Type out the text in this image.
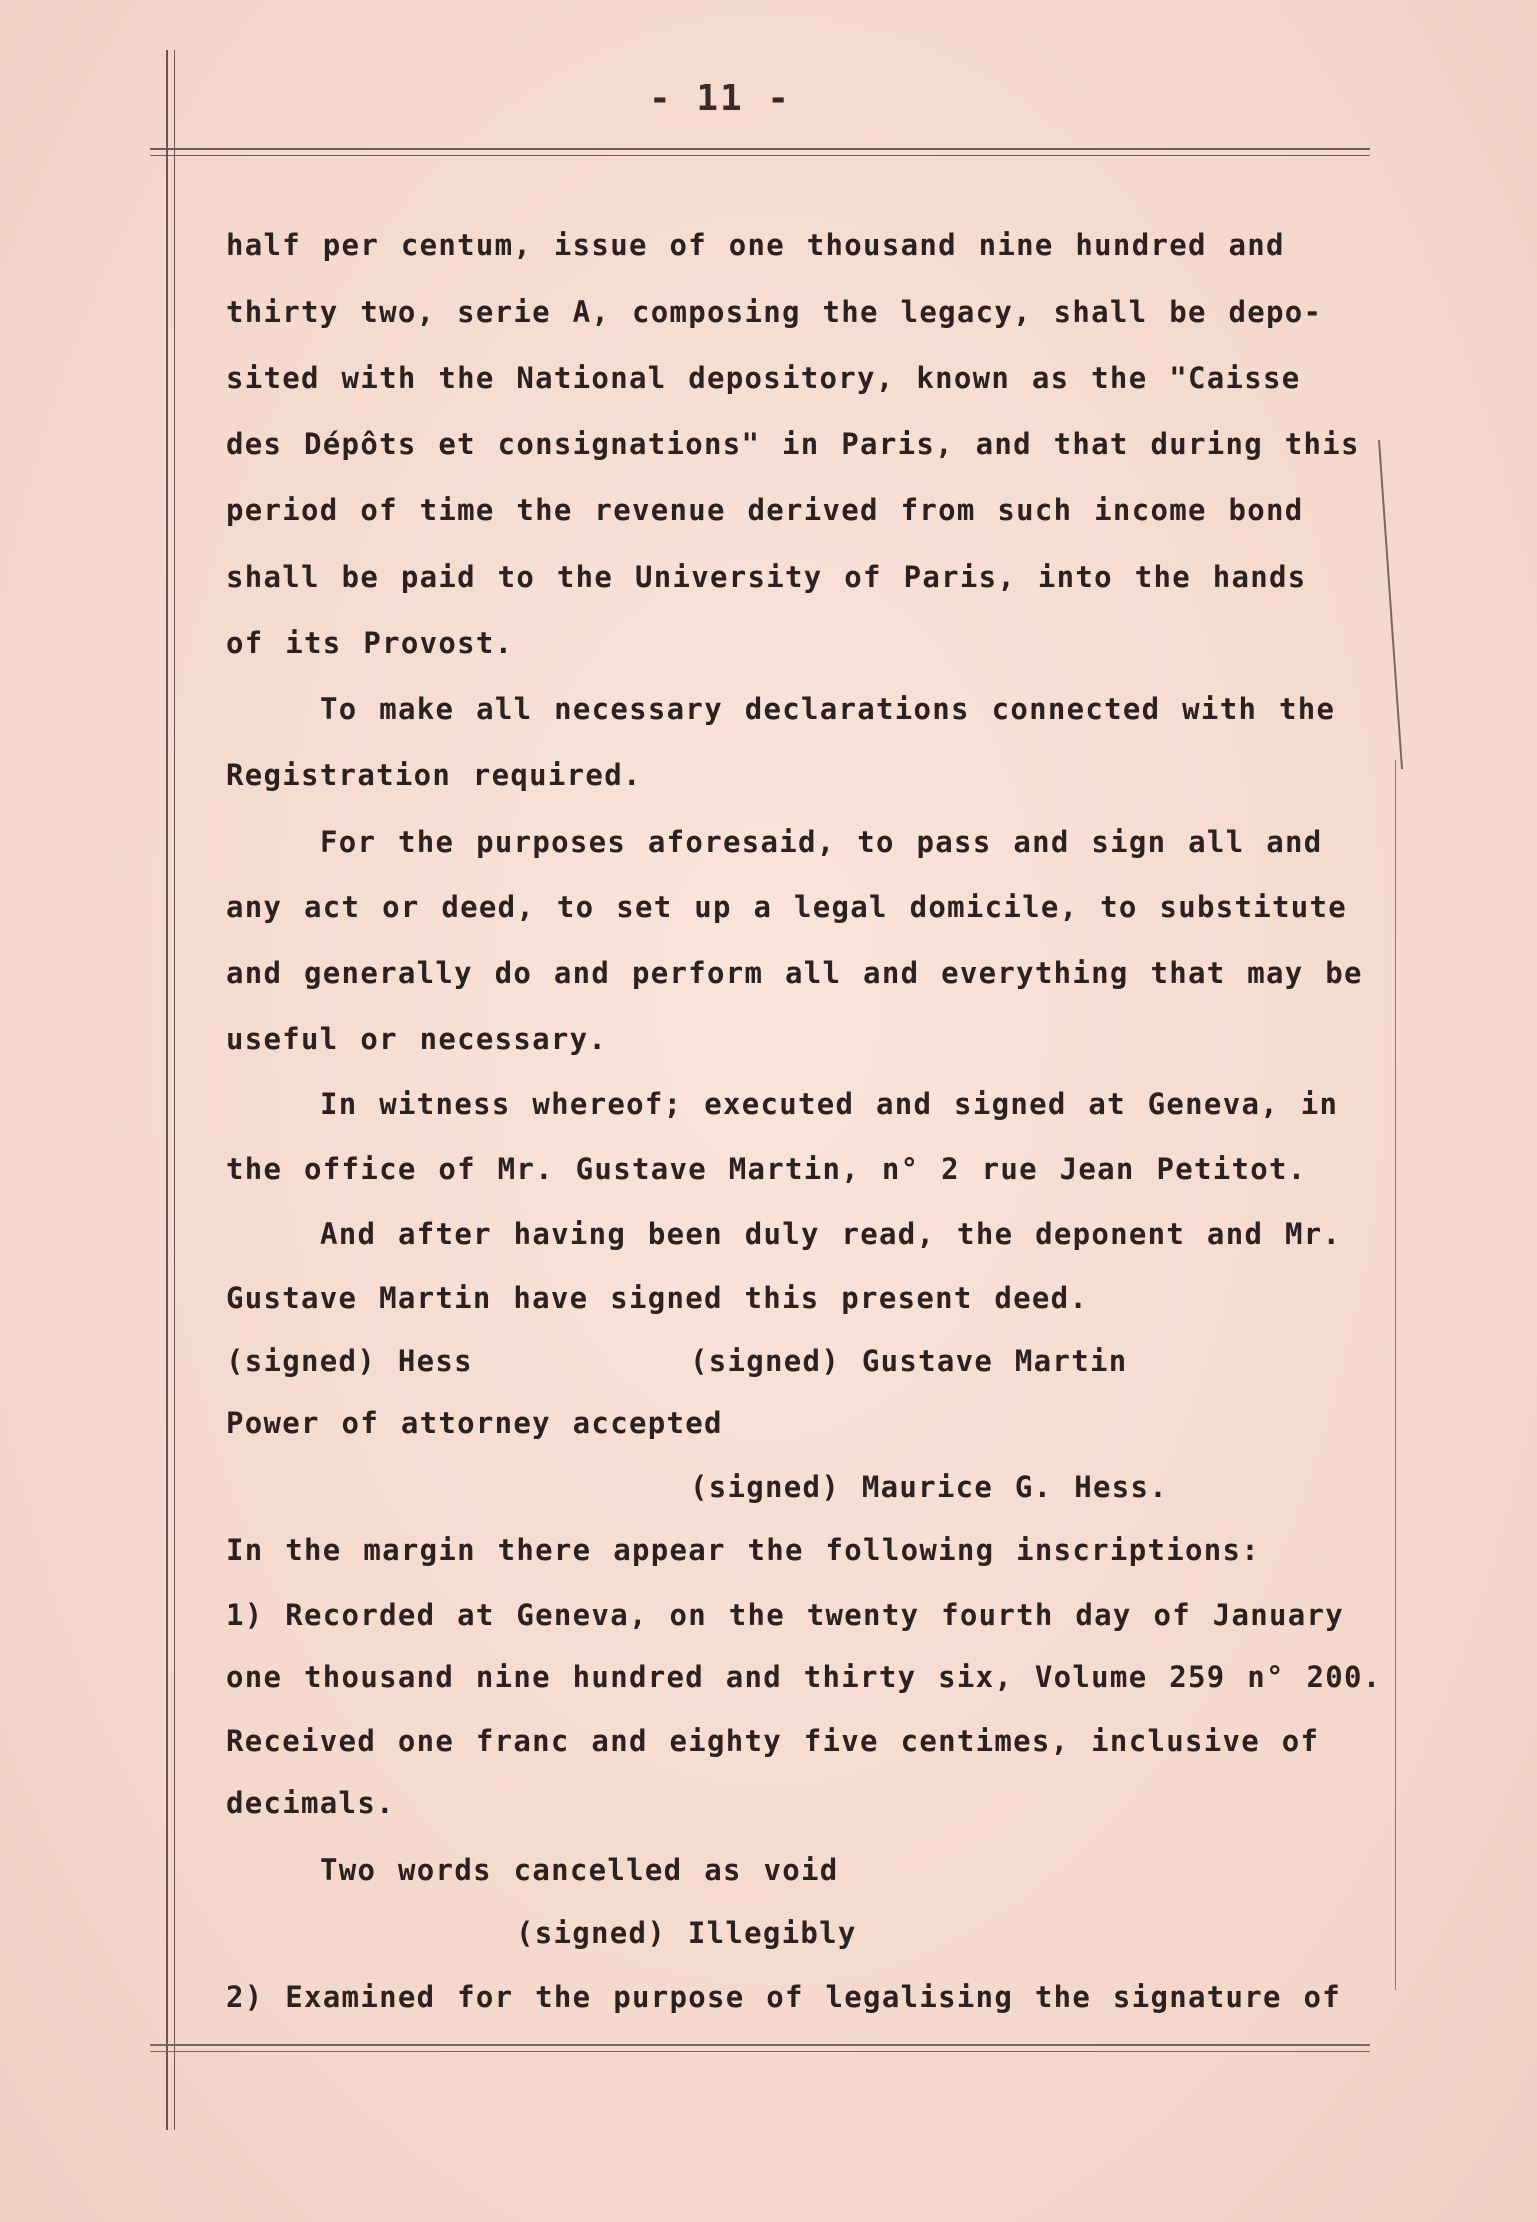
- 11 -
half per centum, issue of one thousand nine hundred and
thirty two, serie A, composing the legacy, shall be depo-
sited with the National depository, known as the "Caisse
des Dépôts et consignations" in Paris, and that during this
period of time the revenue derived from such income bond
shall be paid to the University of Paris, into the hands
of its Provost.
To make all necessary declarations connected with the
Registration required.
For the purposes aforesaid, to pass and sign all and
any act or deed, to set up a legal domicile, to substitute
and generally do and perform all and everything that may be
useful or necessary.
In witness whereof; executed and signed at Geneva, in
the office of Mr. Gustave Martin, n° 2 rue Jean Petitot.
And after having been duly read, the deponent and Mr.
Gustave Martin have signed this present deed.
(signed) Hess	(signed) Gustave Martin
Power of attorney accepted
(signed) Maurice G. Hess.
In the margin there appear the following inscriptions:
1) Recorded at Geneva, on the twenty fourth day of January
one thousand nine hundred and thirty six, Volume 259 n° 200.
Received one franc and eighty five centimes, inclusive of
decimals.
Two words cancelled as void
(signed) Illegibly
2) Examined for the purpose of legalising the signature of
